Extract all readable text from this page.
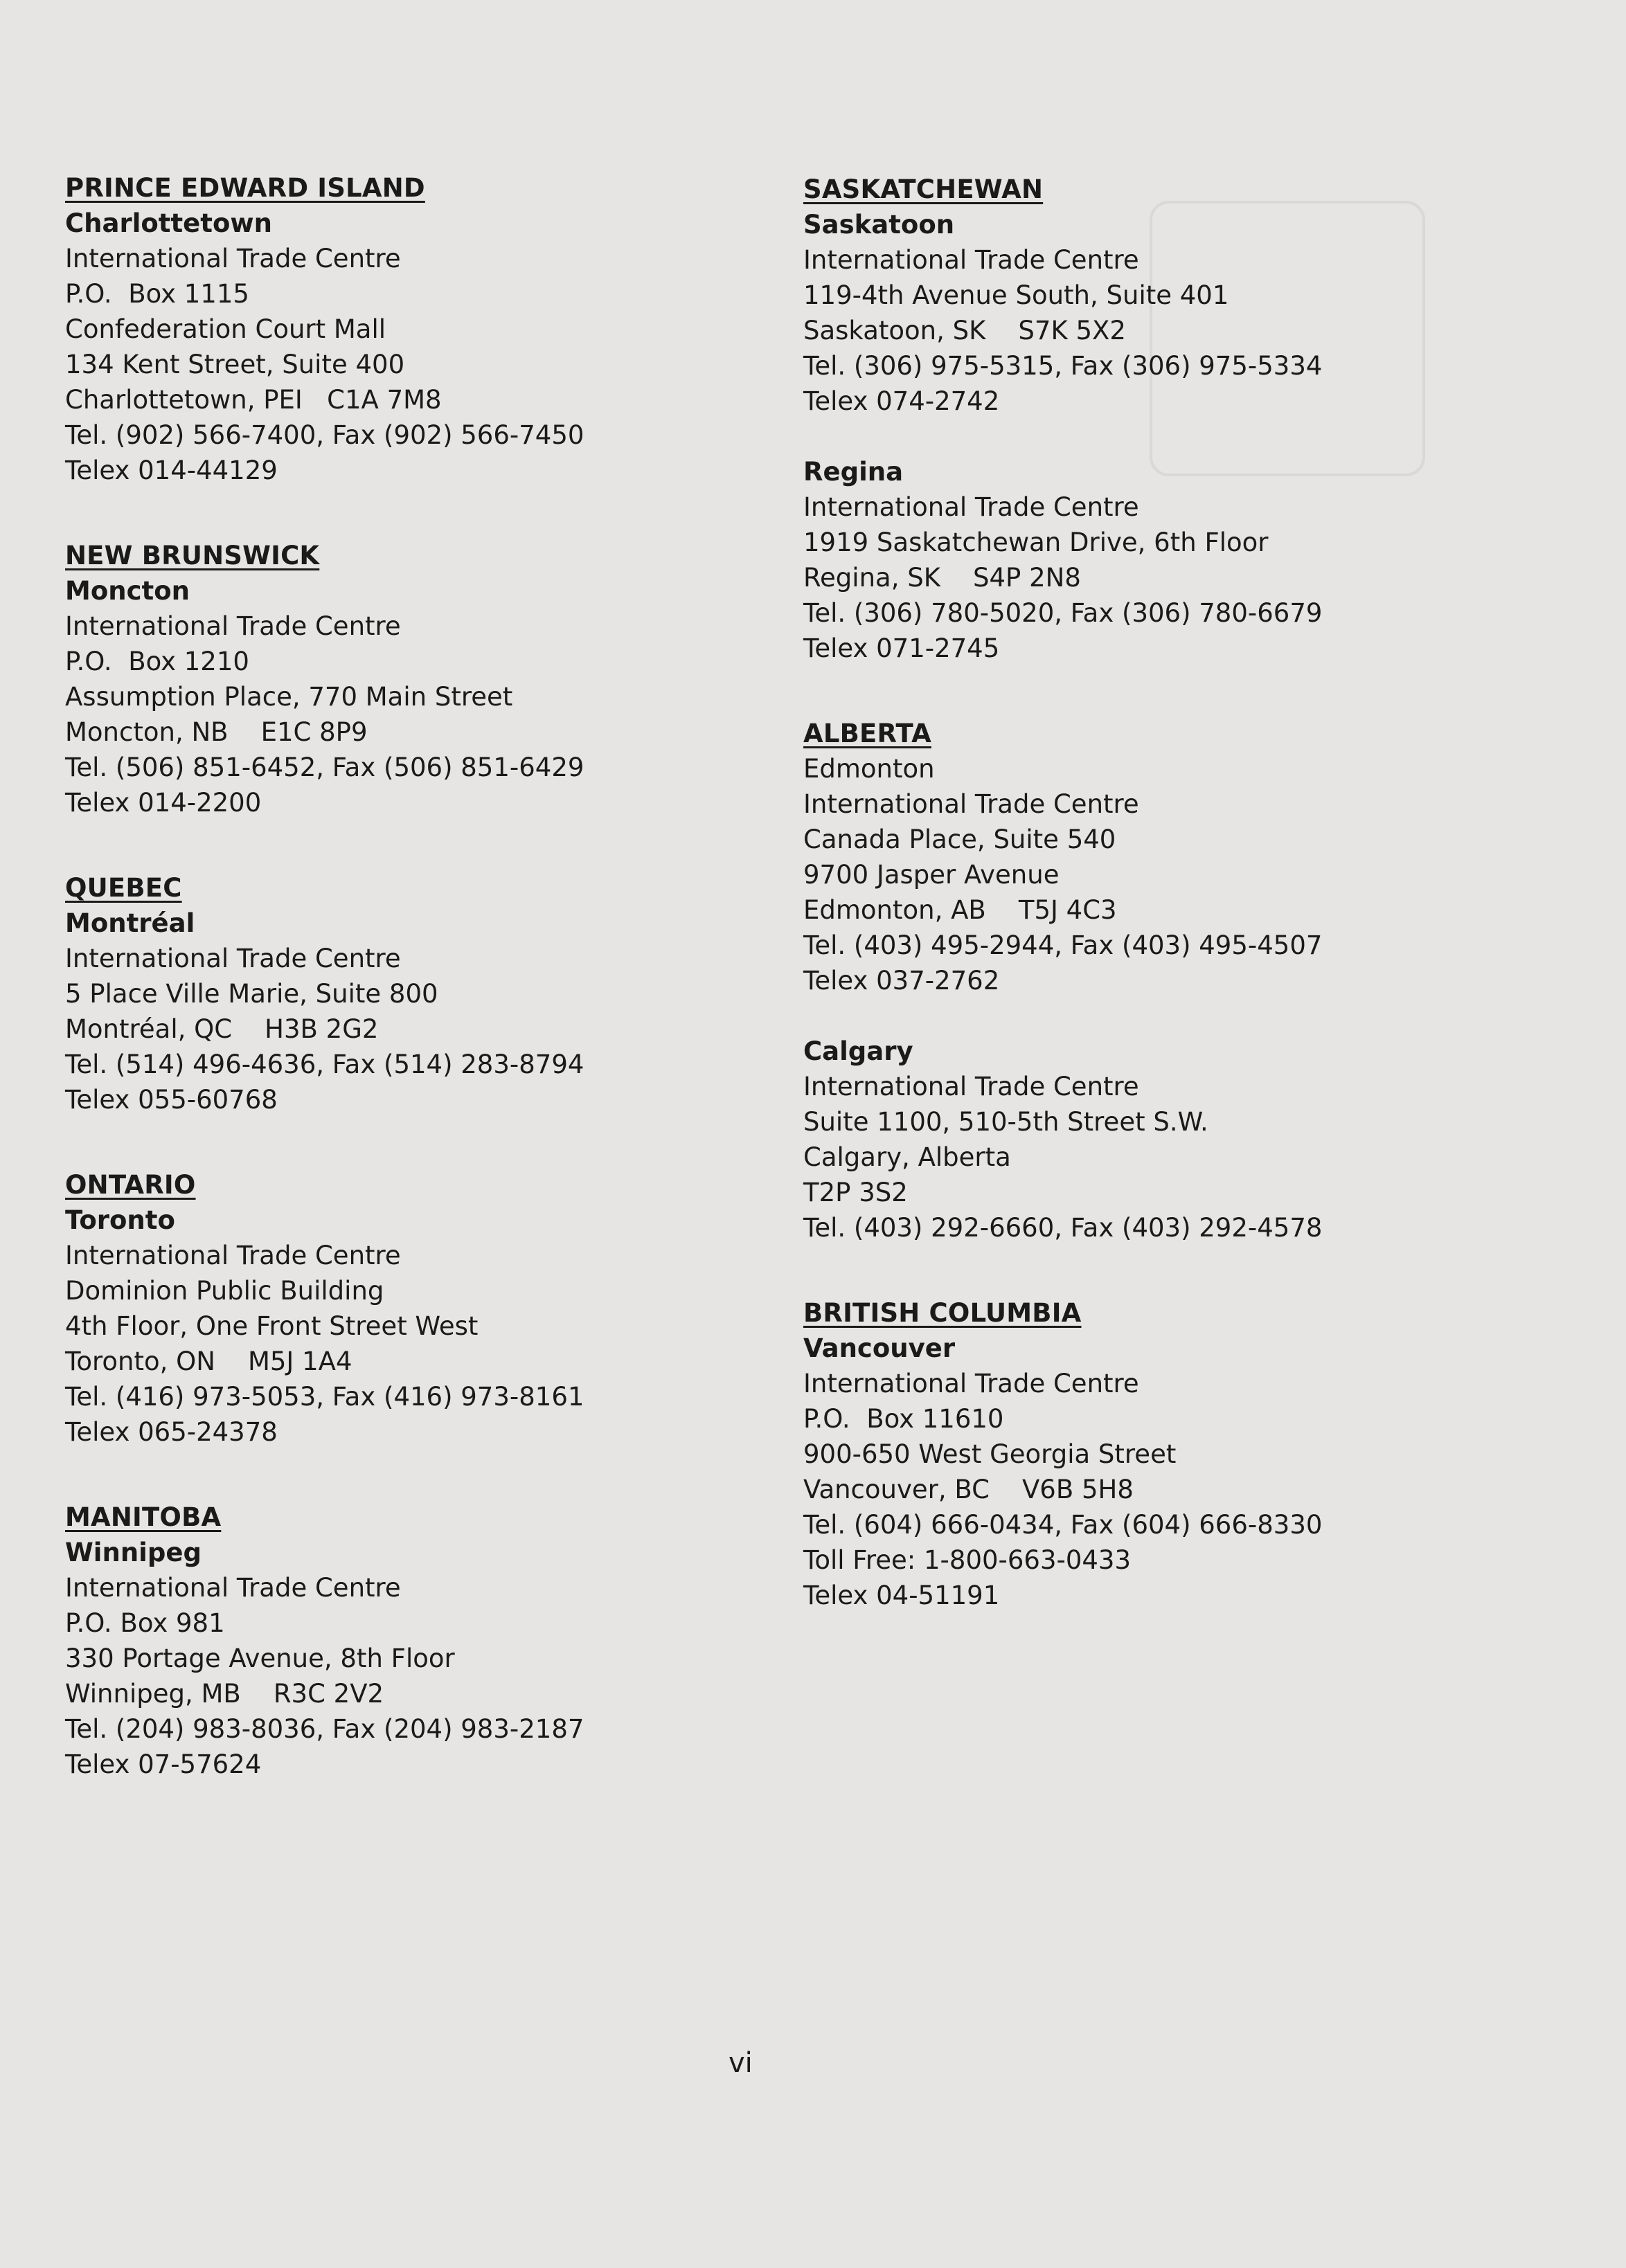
PRINCE EDWARD ISLAND
Charlottetown
International Trade Centre
P.O.  Box 1115
Confederation Court Mall
134 Kent Street, Suite 400
Charlottetown, PEI   C1A 7M8
Tel. (902) 566-7400, Fax (902) 566-7450
Telex 014-44129
NEW BRUNSWICK
Moncton
International Trade Centre
P.O.  Box 1210
Assumption Place, 770 Main Street
Moncton, NB    E1C 8P9
Tel. (506) 851-6452, Fax (506) 851-6429
Telex 014-2200
QUEBEC
Montréal
International Trade Centre
5 Place Ville Marie, Suite 800
Montréal, QC    H3B 2G2
Tel. (514) 496-4636, Fax (514) 283-8794
Telex 055-60768
ONTARIO
Toronto
International Trade Centre
Dominion Public Building
4th Floor, One Front Street West
Toronto, ON    M5J 1A4
Tel. (416) 973-5053, Fax (416) 973-8161
Telex 065-24378
MANITOBA
Winnipeg
International Trade Centre
P.O. Box 981
330 Portage Avenue, 8th Floor
Winnipeg, MB    R3C 2V2
Tel. (204) 983-8036, Fax (204) 983-2187
Telex 07-57624
SASKATCHEWAN
Saskatoon
International Trade Centre
119-4th Avenue South, Suite 401
Saskatoon, SK    S7K 5X2
Tel. (306) 975-5315, Fax (306) 975-5334
Telex 074-2742
Regina
International Trade Centre
1919 Saskatchewan Drive, 6th Floor
Regina, SK    S4P 2N8
Tel. (306) 780-5020, Fax (306) 780-6679
Telex 071-2745
ALBERTA
Edmonton
International Trade Centre
Canada Place, Suite 540
9700 Jasper Avenue
Edmonton, AB    T5J 4C3
Tel. (403) 495-2944, Fax (403) 495-4507
Telex 037-2762
Calgary
International Trade Centre
Suite 1100, 510-5th Street S.W.
Calgary, Alberta
T2P 3S2
Tel. (403) 292-6660, Fax (403) 292-4578
BRITISH COLUMBIA
Vancouver
International Trade Centre
P.O.  Box 11610
900-650 West Georgia Street
Vancouver, BC    V6B 5H8
Tel. (604) 666-0434, Fax (604) 666-8330
Toll Free: 1-800-663-0433
Telex 04-51191
vi
